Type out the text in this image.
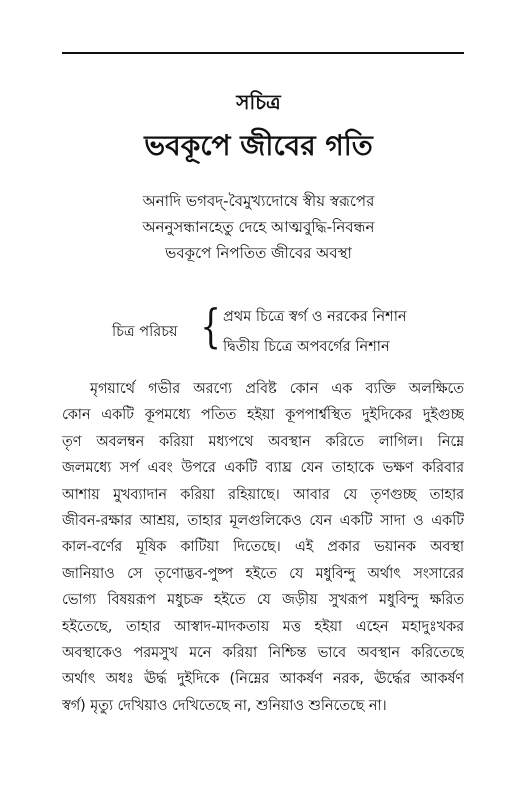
সচিত্র
ভবকূপে জীবের গতি
অনাদি ভগবদ্‌-বৈমুখ্যদোষে স্বীয় স্বরূপের
অননুসন্ধানহেতু দেহে আত্মবুদ্ধি-নিবন্ধন
ভবকূপে নিপতিত জীবের অবস্থা
চিত্র পরিচয় { প্রথম চিত্রে স্বর্গ ও নরকের নিশান
দ্বিতীয় চিত্রে অপবর্গের নিশান
মৃগয়ার্থে গভীর অরণ্যে প্রবিষ্ট কোন এক ব্যক্তি অলক্ষিতে
কোন একটি কূপমধ্যে পতিত হইয়া কূপপার্শ্বস্থিত দুইদিকের দুইগুচ্ছ
তৃণ অবলম্বন করিয়া মধ্যপথে অবস্থান করিতে লাগিল। নিম্নে
জলমধ্যে সর্প এবং উপরে একটি ব্যাঘ্র যেন তাহাকে ভক্ষণ করিবার
আশায় মুখব্যাদান করিয়া রহিয়াছে। আবার যে তৃণগুচ্ছ তাহার
জীবন-রক্ষার আশ্রয়, তাহার মূলগুলিকেও যেন একটি সাদা ও একটি
কাল-বর্ণের মূষিক কাটিয়া দিতেছে। এই প্রকার ভয়ানক অবস্থা
জানিয়াও সে তৃণোদ্ভব-পুষ্প হইতে যে মধুবিন্দু অর্থাৎ সংসারের
ভোগ্য বিষয়রূপ মধুচক্র হইতে যে জড়ীয় সুখরূপ মধুবিন্দু ক্ষরিত
হইতেছে, তাহার আস্বাদ-মাদকতায় মত্ত হইয়া এহেন মহাদুঃখকর
অবস্থাকেও পরমসুখ মনে করিয়া নিশ্চিন্ত ভাবে অবস্থান করিতেছে
অর্থাৎ অধঃ ঊর্দ্ধ দুইদিকে (নিম্নের আকর্ষণ নরক, ঊর্দ্ধের আকর্ষণ
স্বর্গ) মৃত্যু দেখিয়াও দেখিতেছে না, শুনিয়াও শুনিতেছে না।
